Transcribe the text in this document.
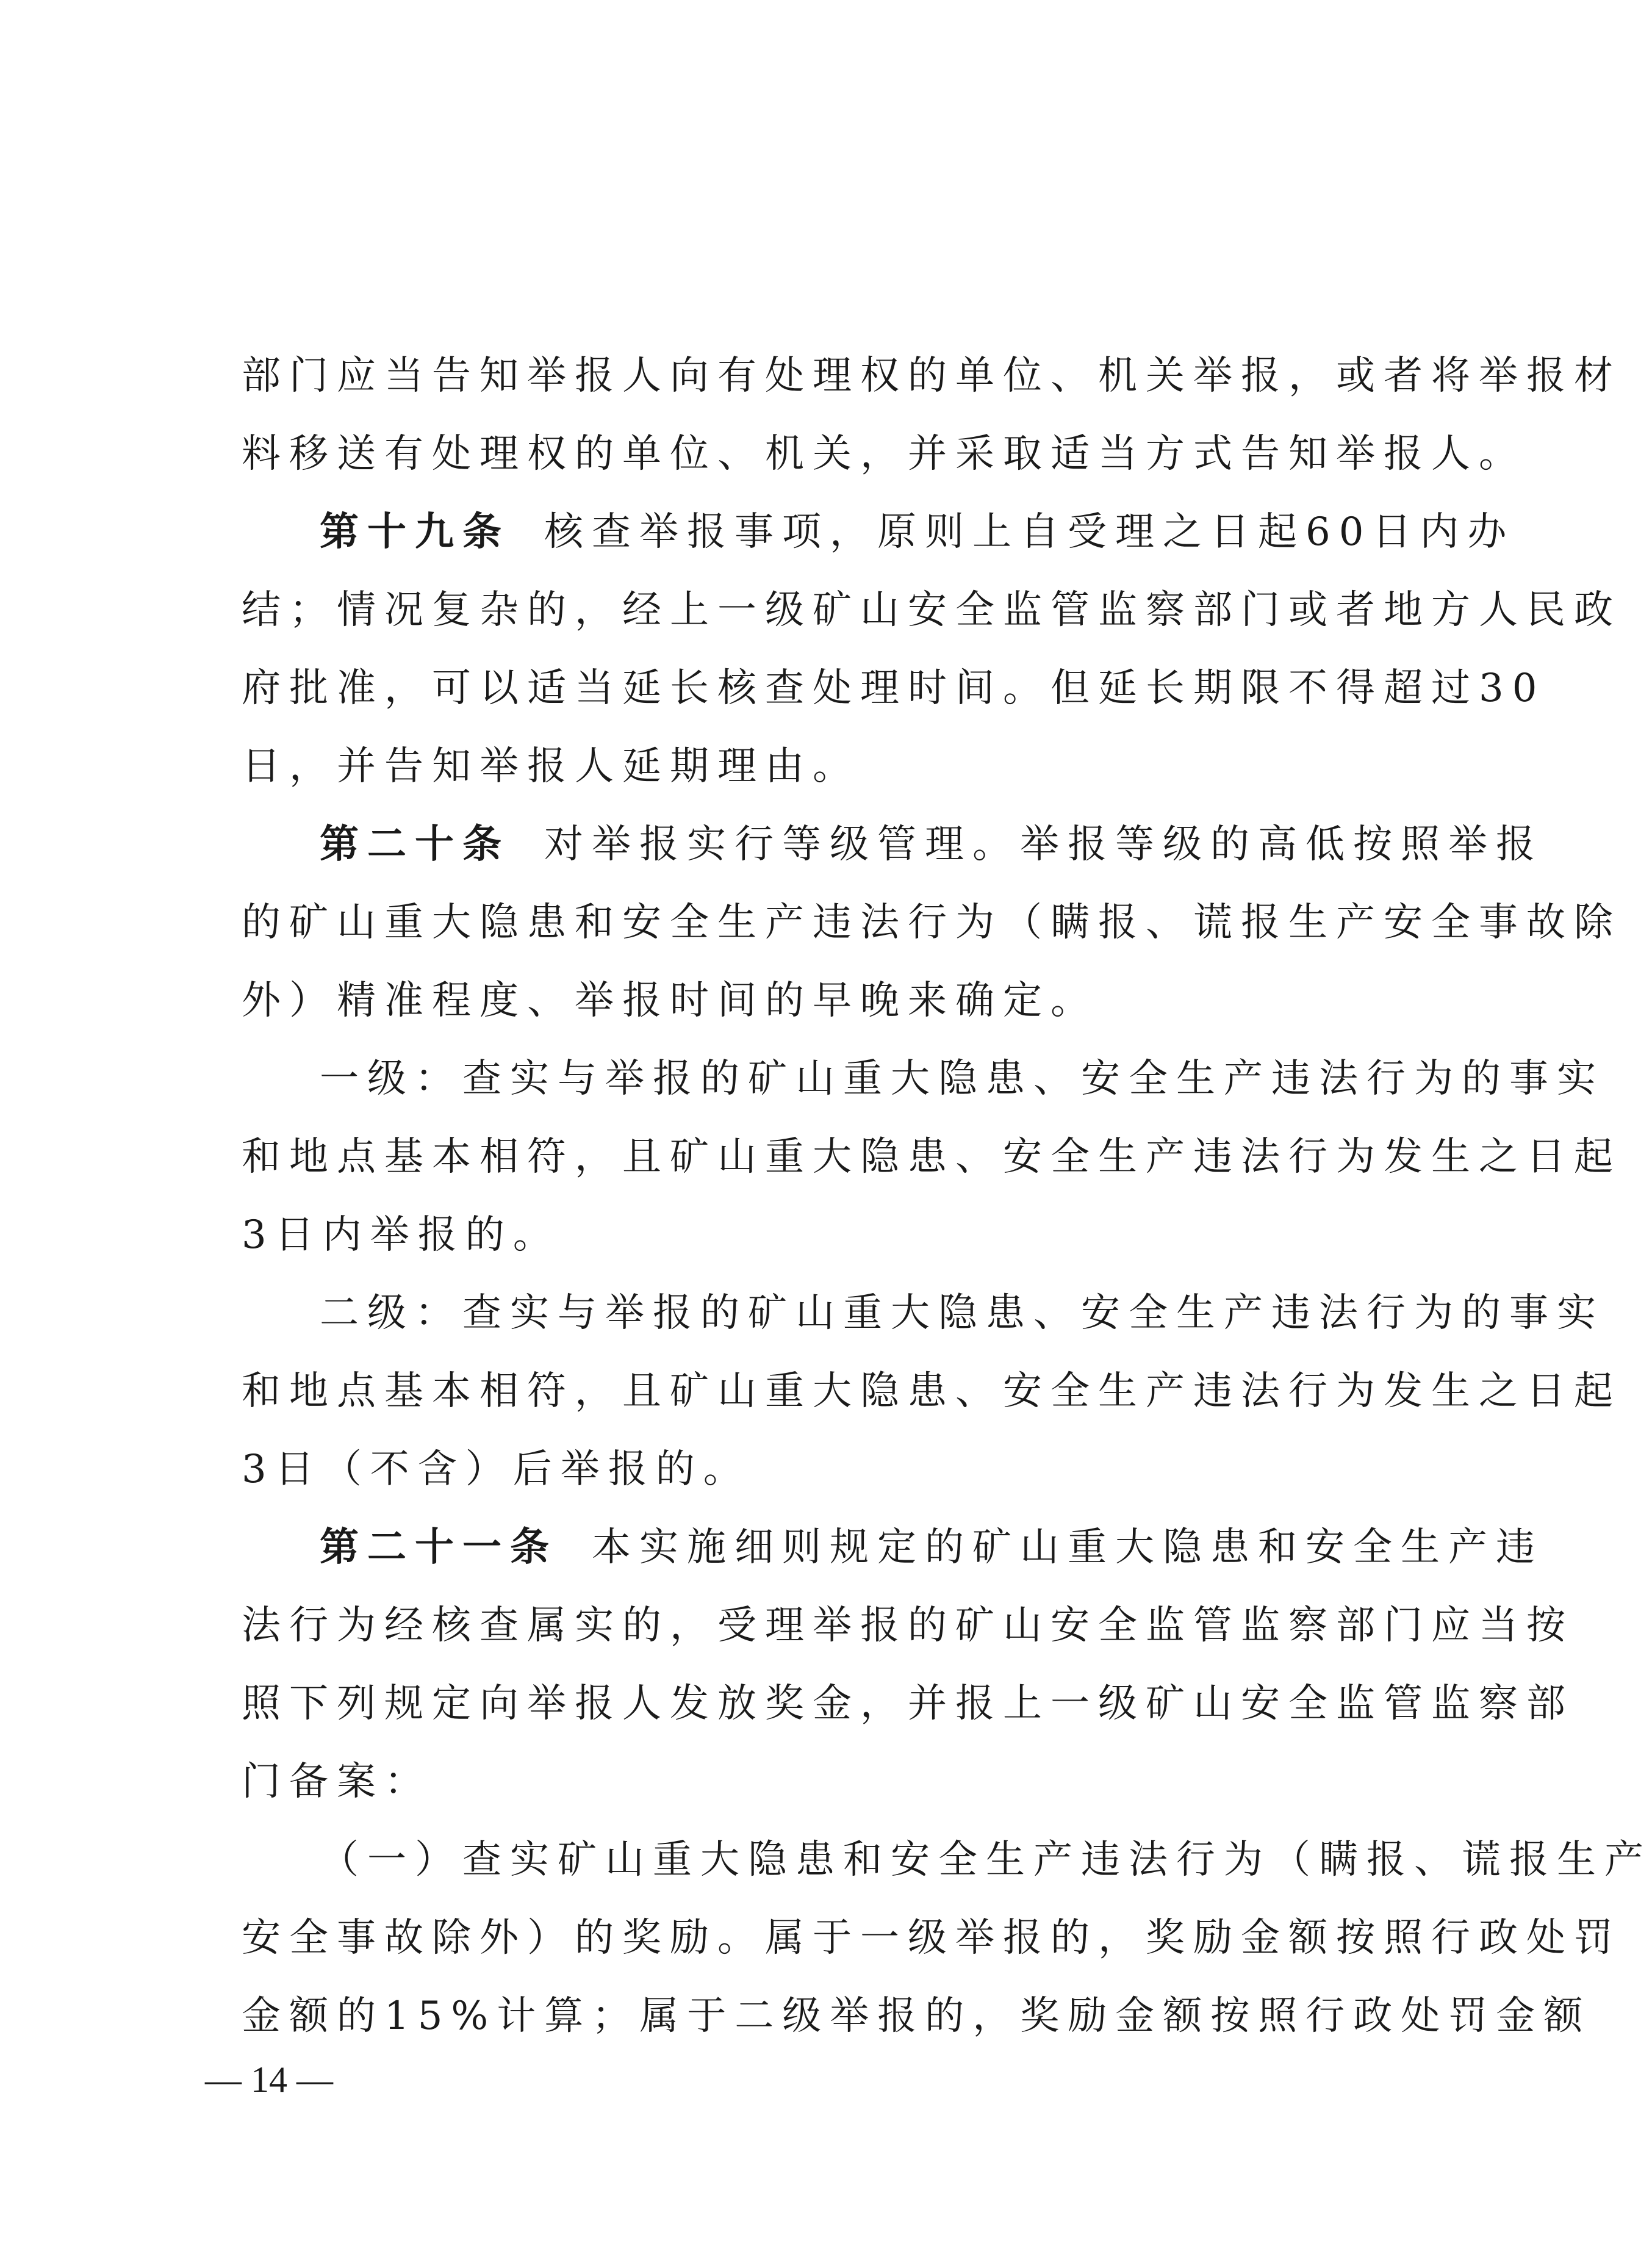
部门应当告知举报人向有处理权的单位、机关举报，或者将举报材
料移送有处理权的单位、机关，并采取适当方式告知举报人。
第十九条 核查举报事项，原则上自受理之日起60日内办
结；情况复杂的，经上一级矿山安全监管监察部门或者地方人民政
府批准，可以适当延长核查处理时间。但延长期限不得超过30
日，并告知举报人延期理由。
第二十条 对举报实行等级管理。举报等级的高低按照举报
的矿山重大隐患和安全生产违法行为（瞒报、谎报生产安全事故除
外）精准程度、举报时间的早晚来确定。
一级：查实与举报的矿山重大隐患、安全生产违法行为的事实
和地点基本相符，且矿山重大隐患、安全生产违法行为发生之日起
3日内举报的。
二级：查实与举报的矿山重大隐患、安全生产违法行为的事实
和地点基本相符，且矿山重大隐患、安全生产违法行为发生之日起
3日（不含）后举报的。
第二十一条 本实施细则规定的矿山重大隐患和安全生产违
法行为经核查属实的，受理举报的矿山安全监管监察部门应当按
照下列规定向举报人发放奖金，并报上一级矿山安全监管监察部
门备案：
（一）查实矿山重大隐患和安全生产违法行为（瞒报、谎报生产
安全事故除外）的奖励。属于一级举报的，奖励金额按照行政处罚
金额的15%计算；属于二级举报的，奖励金额按照行政处罚金额
— 14 —
